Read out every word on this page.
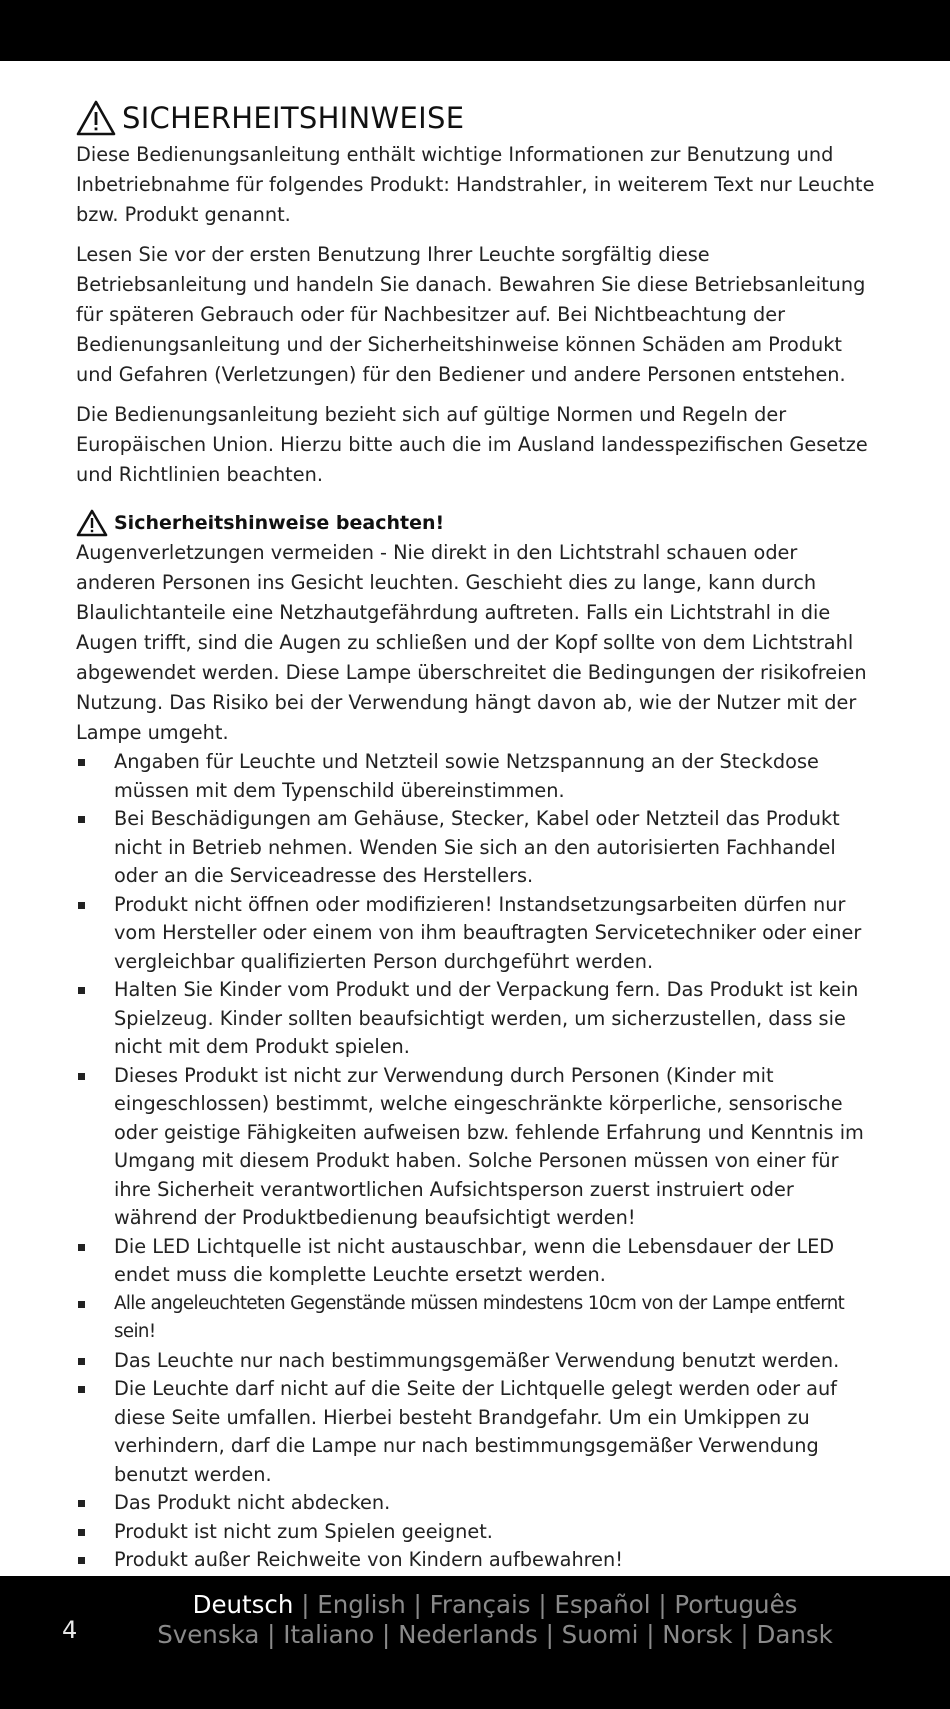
SICHERHEITSHINWEISE

Diese Bedienungsanleitung enthält wichtige Informationen zur Benutzung und Inbetriebnahme für folgendes Produkt: Handstrahler, in weiterem Text nur Leuchte bzw. Produkt genannt.

Lesen Sie vor der ersten Benutzung Ihrer Leuchte sorgfältig diese Betriebsanleitung und handeln Sie danach. Bewahren Sie diese Betriebsanleitung für späteren Gebrauch oder für Nachbesitzer auf. Bei Nichtbeachtung der Bedienungsanleitung und der Sicherheitshinweise können Schäden am Produkt und Gefahren (Verletzungen) für den Bediener und andere Personen entstehen.

Die Bedienungsanleitung bezieht sich auf gültige Normen und Regeln der Europäischen Union. Hierzu bitte auch die im Ausland landesspezifischen Gesetze und Richtlinien beachten.

Sicherheitshinweise beachten!

Augenverletzungen vermeiden - Nie direkt in den Lichtstrahl schauen oder anderen Personen ins Gesicht leuchten. Geschieht dies zu lange, kann durch Blaulichtanteile eine Netzhautgefährdung auftreten. Falls ein Lichtstrahl in die Augen trifft, sind die Augen zu schließen und der Kopf sollte von dem Lichtstrahl abgewendet werden. Diese Lampe überschreitet die Bedingungen der risikofreien Nutzung. Das Risiko bei der Verwendung hängt davon ab, wie der Nutzer mit der Lampe umgeht.

Angaben für Leuchte und Netzteil sowie Netzspannung an der Steckdose müssen mit dem Typenschild übereinstimmen.
Bei Beschädigungen am Gehäuse, Stecker, Kabel oder Netzteil das Produkt nicht in Betrieb nehmen. Wenden Sie sich an den autorisierten Fachhandel oder an die Serviceadresse des Herstellers.
Produkt nicht öffnen oder modifizieren! Instandsetzungsarbeiten dürfen nur vom Hersteller oder einem von ihm beauftragten Servicetechniker oder einer vergleichbar qualifizierten Person durchgeführt werden.
Halten Sie Kinder vom Produkt und der Verpackung fern. Das Produkt ist kein Spielzeug. Kinder sollten beaufsichtigt werden, um sicherzustellen, dass sie nicht mit dem Produkt spielen.
Dieses Produkt ist nicht zur Verwendung durch Personen (Kinder mit eingeschlossen) bestimmt, welche eingeschränkte körperliche, sensorische oder geistige Fähigkeiten aufweisen bzw. fehlende Erfahrung und Kenntnis im Umgang mit diesem Produkt haben. Solche Personen müssen von einer für ihre Sicherheit verantwortlichen Aufsichtsperson zuerst instruiert oder während der Produktbedienung beaufsichtigt werden!
Die LED Lichtquelle ist nicht austauschbar, wenn die Lebensdauer der LED endet muss die komplette Leuchte ersetzt werden.
Alle angeleuchteten Gegenstände müssen mindestens 10cm von der Lampe entfernt sein!
Das Leuchte nur nach bestimmungsgemäßer Verwendung benutzt werden.
Die Leuchte darf nicht auf die Seite der Lichtquelle gelegt werden oder auf diese Seite umfallen. Hierbei besteht Brandgefahr. Um ein Umkippen zu verhindern, darf die Lampe nur nach bestimmungsgemäßer Verwendung benutzt werden.
Das Produkt nicht abdecken.
Produkt ist nicht zum Spielen geeignet.
Produkt außer Reichweite von Kindern aufbewahren!
4
Deutsch | English | Français | Español | Português
Svenska | Italiano | Nederlands | Suomi | Norsk | Dansk
